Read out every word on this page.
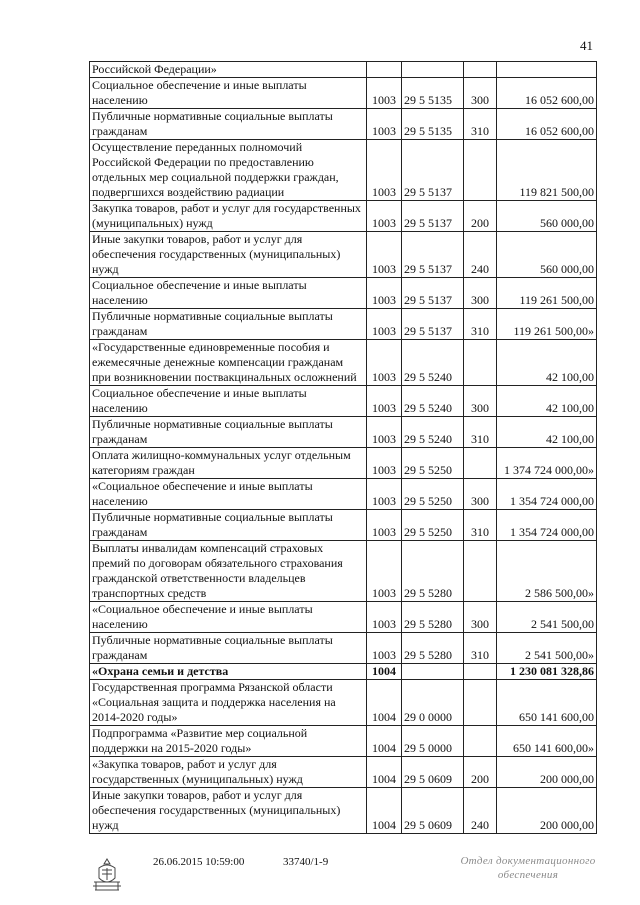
41
Российской Федерации»				
Социальное обеспечение и иные выплаты населению	1003	29 5 5135	300	16 052 600,00
Публичные нормативные социальные выплаты гражданам	1003	29 5 5135	310	16 052 600,00
Осуществление переданных полномочий Российской Федерации по предоставлению отдельных мер социальной поддержки граждан, подвергшихся воздействию радиации	1003	29 5 5137		119 821 500,00
Закупка товаров, работ и услуг для государственных (муниципальных) нужд	1003	29 5 5137	200	560 000,00
Иные закупки товаров, работ и услуг для обеспечения государственных (муниципальных) нужд	1003	29 5 5137	240	560 000,00
Социальное обеспечение и иные выплаты населению	1003	29 5 5137	300	119 261 500,00
Публичные нормативные социальные выплаты гражданам	1003	29 5 5137	310	119 261 500,00»
«Государственные единовременные пособия и ежемесячные денежные компенсации гражданам при возникновении поствакцинальных осложнений	1003	29 5 5240		42 100,00
Социальное обеспечение и иные выплаты населению	1003	29 5 5240	300	42 100,00
Публичные нормативные социальные выплаты гражданам	1003	29 5 5240	310	42 100,00
Оплата жилищно-коммунальных услуг отдельным категориям граждан	1003	29 5 5250		1 374 724 000,00»
«Социальное обеспечение и иные выплаты населению	1003	29 5 5250	300	1 354 724 000,00
Публичные нормативные социальные выплаты гражданам	1003	29 5 5250	310	1 354 724 000,00
Выплаты инвалидам компенсаций страховых премий по договорам обязательного страхования гражданской ответственности владельцев транспортных средств	1003	29 5 5280		2 586 500,00»
«Социальное обеспечение и иные выплаты населению	1003	29 5 5280	300	2 541 500,00
Публичные нормативные социальные выплаты гражданам	1003	29 5 5280	310	2 541 500,00»
«Охрана семьи и детства	1004			1 230 081 328,86
Государственная программа Рязанской области «Социальная защита и поддержка населения на 2014-2020 годы»	1004	29 0 0000		650 141 600,00
Подпрограмма «Развитие мер социальной поддержки на 2015-2020 годы»	1004	29 5 0000		650 141 600,00»
«Закупка товаров, работ и услуг для государственных (муниципальных) нужд	1004	29 5 0609	200	200 000,00
Иные закупки товаров, работ и услуг для обеспечения государственных (муниципальных) нужд	1004	29 5 0609	240	200 000,00
26.06.2015 10:59:00	33740/1-9	Отдел документационного
обеспечения
